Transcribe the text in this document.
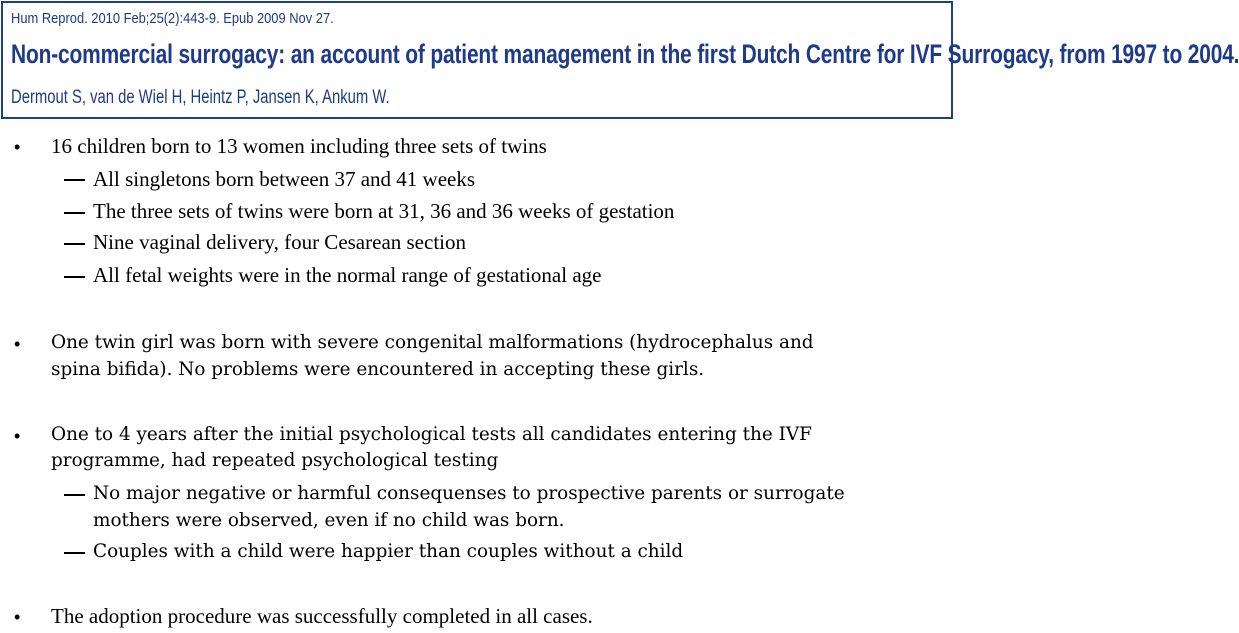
Hum Reprod. 2010 Feb;25(2):443-9. Epub 2009 Nov 27.
Non-commercial surrogacy: an account of patient management in the first Dutch Centre for IVF Surrogacy, from 1997 to 2004.
Dermout S, van de Wiel H, Heintz P, Jansen K, Ankum W.
• 16 children born to 13 women including three sets of twins
All singletons born between 37 and 41 weeks
The three sets of twins were born at 31, 36 and 36 weeks of gestation
Nine vaginal delivery, four Cesarean section
All fetal weights were in the normal range of gestational age
• One twin girl was born with severe congenital malformations (hydrocephalus and
spina bifida). No problems were encountered in accepting these girls.
• One to 4 years after the initial psychological tests all candidates entering the IVF
programme, had repeated psychological testing
No major negative or harmful consequenses to prospective parents or surrogate
mothers were observed, even if no child was born.
Couples with a child were happier than couples without a child
• The adoption procedure was successfully completed in all cases.
